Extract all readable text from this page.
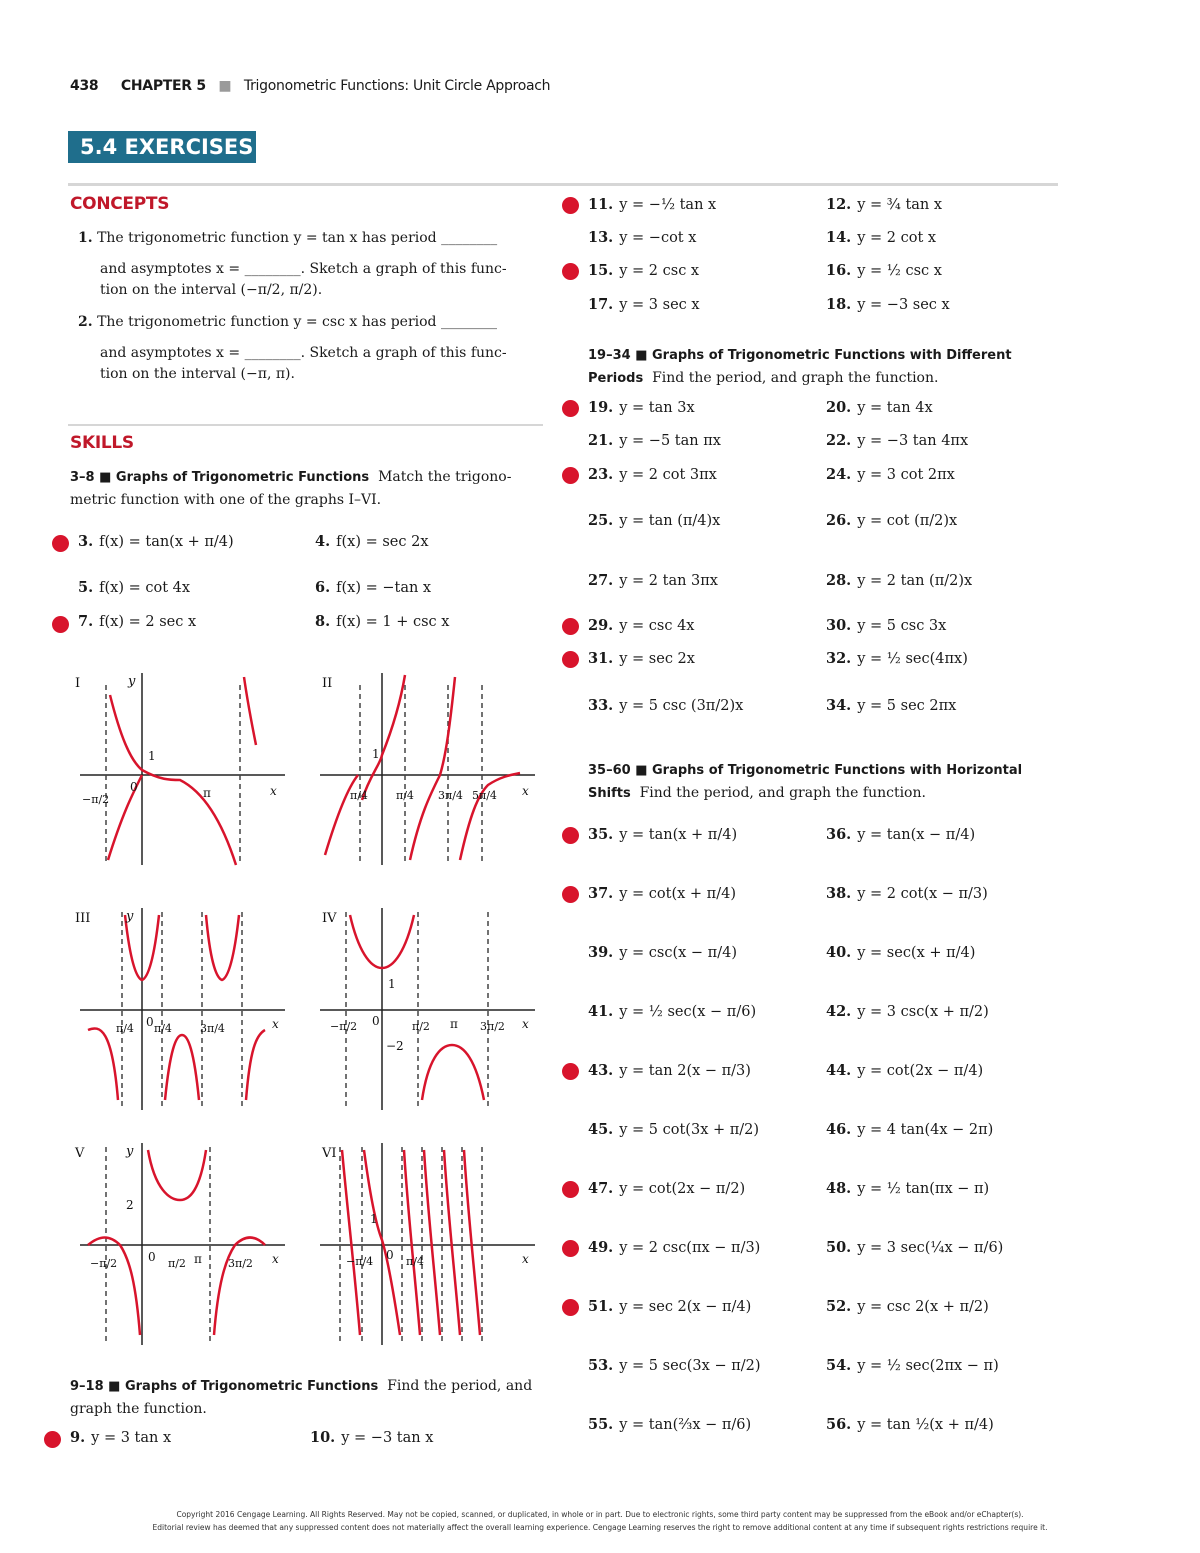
438 CHAPTER 5 ■ Trigonometric Functions: Unit Circle Approach
5.4 EXERCISES
CONCEPTS
1. The trigonometric function y = tan x has period ________
and asymptotes x = ________. Sketch a graph of this func-
tion on the interval (−π/2, π/2).
2. The trigonometric function y = csc x has period ________
and asymptotes x = ________. Sketch a graph of this func-
tion on the interval (−π, π).
SKILLS
3–8 ■ Graphs of Trigonometric Functions Match the trigono-
metric function with one of the graphs I–VI.
3. f(x) = tan(x + π/4)	4. f(x) = sec 2x
5. f(x) = cot 4x	6. f(x) = −tan x
7. f(x) = 2 sec x	8. f(x) = 1 + csc x
I	y
1
0	π	x
−π/2
II
1
π/4	π/4 3π/4 5π/4 x
III	y
0
π/4 π/4	3π/4	x
IV
1
0
−2
−π/2	π/2 π 3π/2 x
V	y
2
0
−π/2	π/2 π 3π/2 x
VI
1
0
−π/4	π/4	x
9–18 ■ Graphs of Trigonometric Functions Find the period, and
graph the function.
9. y = 3 tan x	10. y = −3 tan x
11. y = −½ tan x	12. y = ¾ tan x
13. y = −cot x	14. y = 2 cot x
15. y = 2 csc x	16. y = ½ csc x
17. y = 3 sec x	18. y = −3 sec x
19–34 ■ Graphs of Trigonometric Functions with Different
Periods Find the period, and graph the function.
19. y = tan 3x	20. y = tan 4x
21. y = −5 tan πx	22. y = −3 tan 4πx
23. y = 2 cot 3πx	24. y = 3 cot 2πx
25. y = tan (π/4)x	26. y = cot (π/2)x
27. y = 2 tan 3πx	28. y = 2 tan (π/2)x
29. y = csc 4x	30. y = 5 csc 3x
31. y = sec 2x	32. y = ½ sec(4πx)
33. y = 5 csc (3π/2)x	34. y = 5 sec 2πx
35. y = tan(x + π/4)	36. y = tan(x − π/4)
37. y = cot(x + π/4)	38. y = 2 cot(x − π/3)
39. y = csc(x − π/4)	40. y = sec(x + π/4)
41. y = ½ sec(x − π/6)	42. y = 3 csc(x + π/2)
43. y = tan 2(x − π/3)	44. y = cot(2x − π/4)
45. y = 5 cot(3x + π/2)	46. y = 4 tan(4x − 2π)
47. y = cot(2x − π/2)	48. y = ½ tan(πx − π)
49. y = 2 csc(πx − π/3)	50. y = 3 sec(¼x − π/6)
51. y = sec 2(x − π/4)	52. y = csc 2(x + π/2)
53. y = 5 sec(3x − π/2)	54. y = ½ sec(2πx − π)
55. y = tan(⅔x − π/6)	56. y = tan ½(x + π/4)
35–60 ■ Graphs of Trigonometric Functions with Horizontal
Shifts Find the period, and graph the function.
Copyright 2016 Cengage Learning. All Rights Reserved. May not be copied, scanned, or duplicated, in whole or in part. Due to electronic rights, some third party content may be suppressed from the eBook and/or eChapter(s).
Editorial review has deemed that any suppressed content does not materially affect the overall learning experience. Cengage Learning reserves the right to remove additional content at any time if subsequent rights restrictions require it.
